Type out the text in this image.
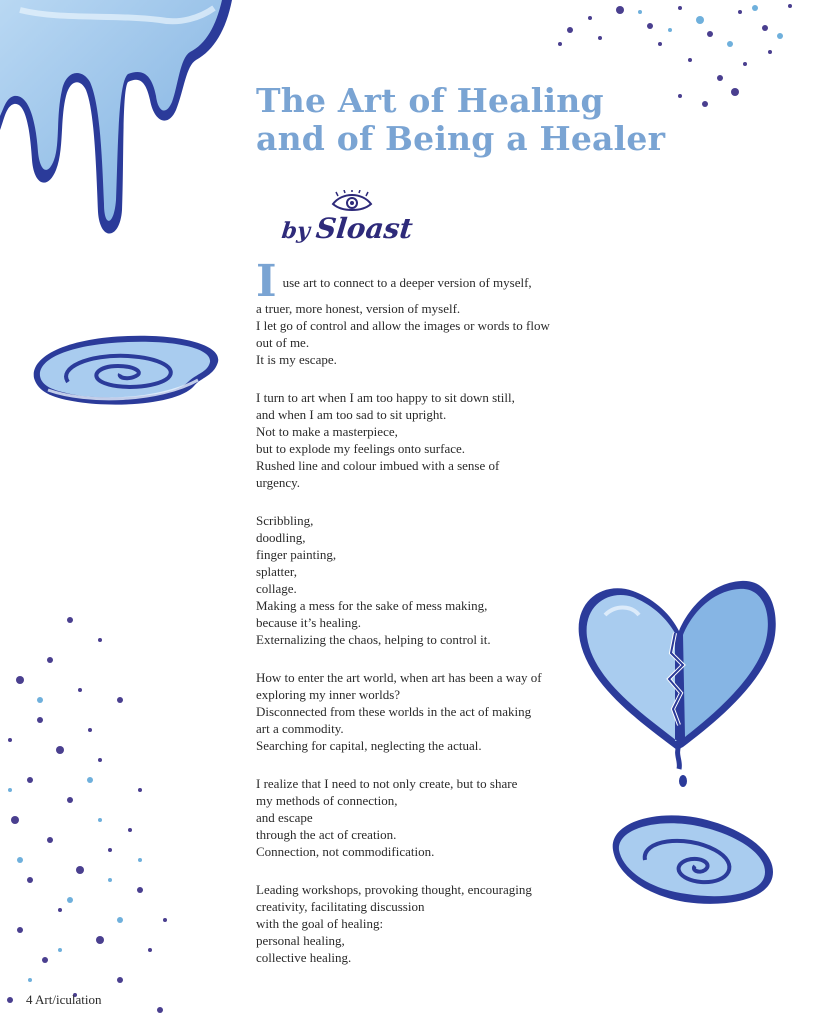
The Art of Healing
and of Being a Healer
by Sloast

I use art to connect to a deeper version of myself,
a truer, more honest, version of myself.
I let go of control and allow the images or words to flow
out of me.
It is my escape.

I turn to art when I am too happy to sit down still,
and when I am too sad to sit upright.
Not to make a masterpiece,
but to explode my feelings onto surface.
Rushed line and colour imbued with a sense of
urgency.

Scribbling,
doodling,
finger painting,
splatter,
collage.
Making a mess for the sake of mess making,
because it’s healing.
Externalizing the chaos, helping to control it.

How to enter the art world, when art has been a way of
exploring my inner worlds?
Disconnected from these worlds in the act of making
art a commodity.
Searching for capital, neglecting the actual.

I realize that I need to not only create, but to share
my methods of connection,
and escape
through the act of creation.
Connection, not commodification.

Leading workshops, provoking thought, encouraging
creativity, facilitating discussion
with the goal of healing:
personal healing,
collective healing.

4 Art/iculation
